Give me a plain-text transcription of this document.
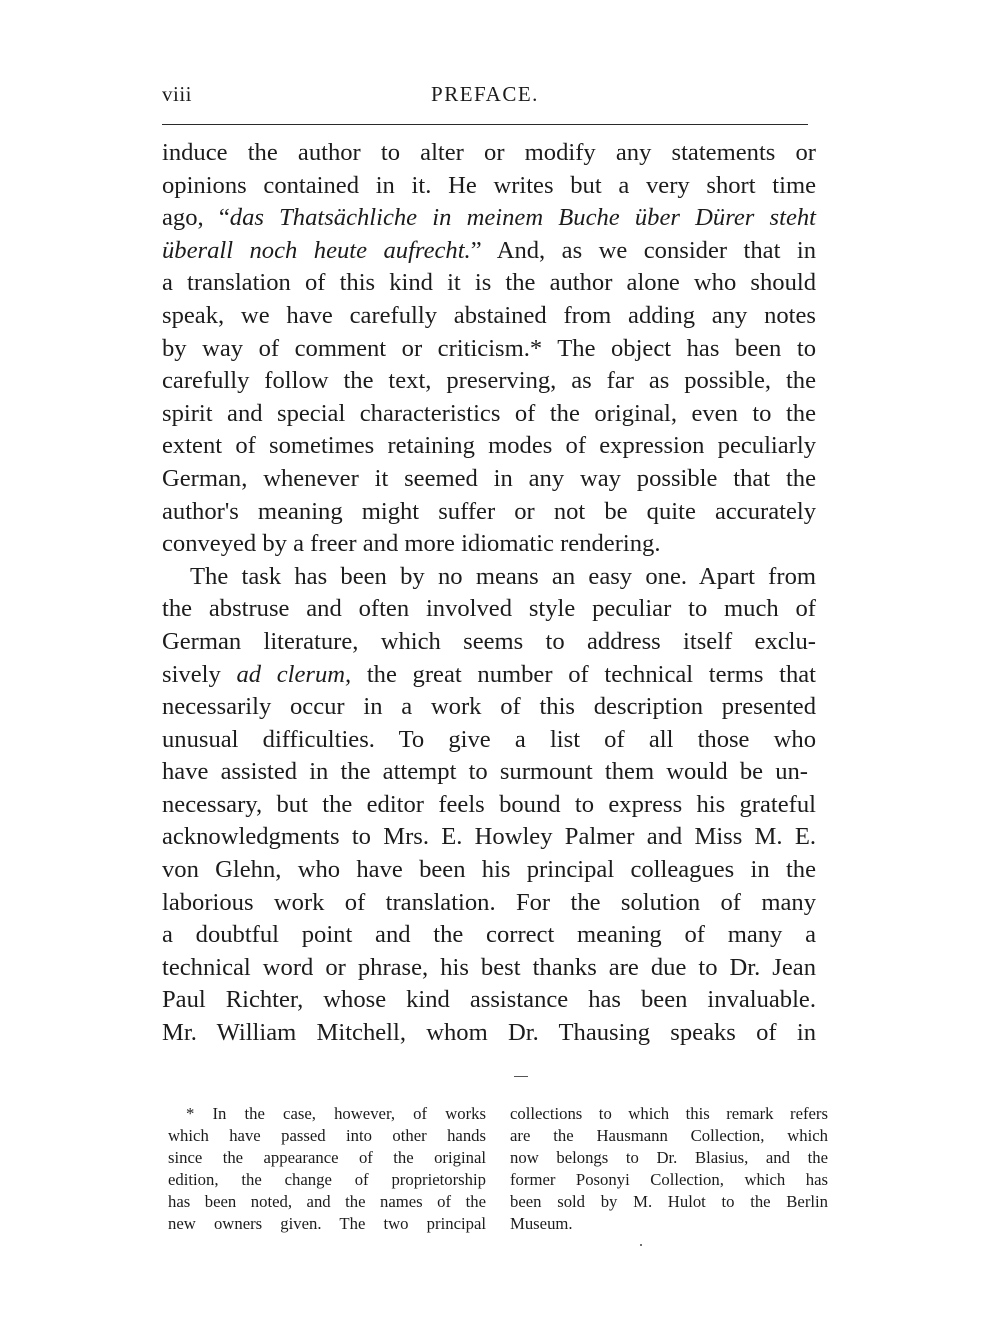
viii	PREFACE.
induce the author to alter or modify any statements or
opinions contained in it. He writes but a very short time
ago, “das Thatsächliche in meinem Buche über Dürer steht
überall noch heute aufrecht.” And, as we consider that in
a translation of this kind it is the author alone who should
speak, we have carefully abstained from adding any notes
by way of comment or criticism.* The object has been to
carefully follow the text, preserving, as far as possible, the
spirit and special characteristics of the original, even to the
extent of sometimes retaining modes of expression peculiarly
German, whenever it seemed in any way possible that the
author's meaning might suffer or not be quite accurately
conveyed by a freer and more idiomatic rendering.
The task has been by no means an easy one. Apart from
the abstruse and often involved style peculiar to much of
German literature, which seems to address itself exclu-
sively ad clerum, the great number of technical terms that
necessarily occur in a work of this description presented
unusual difficulties. To give a list of all those who
have assisted in the attempt to surmount them would be un-
necessary, but the editor feels bound to express his grateful
acknowledgments to Mrs. E. Howley Palmer and Miss M. E.
von Glehn, who have been his principal colleagues in the
laborious work of translation. For the solution of many
a doubtful point and the correct meaning of many a
technical word or phrase, his best thanks are due to Dr. Jean
Paul Richter, whose kind assistance has been invaluable.
Mr. William Mitchell, whom Dr. Thausing speaks of in
* In the case, however, of works
which have passed into other hands
since the appearance of the original
edition, the change of proprietorship
has been noted, and the names of the
new owners given. The two principal
collections to which this remark refers
are the Hausmann Collection, which
now belongs to Dr. Blasius, and the
former Posonyi Collection, which has
been sold by M. Hulot to the Berlin
Museum.
